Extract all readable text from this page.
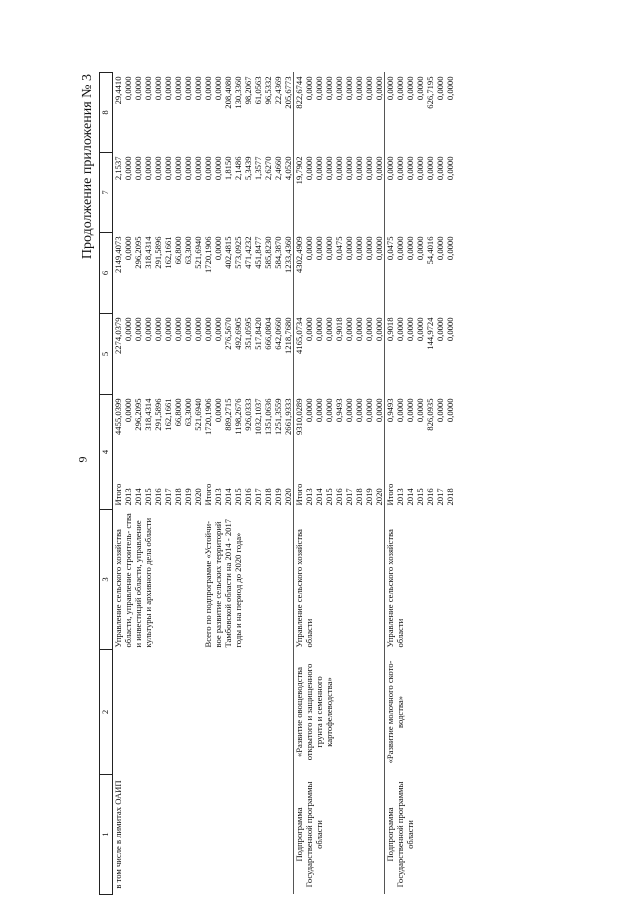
9
Продолжение приложения № 3
1	2	3	4		5	6	7	8
в том числе в лимитах ОАИП		Управление сельского хозяйства области, управление строитель- ства и инвестиций области, управление культуры и архивного дела области	Итого	4455,0399	2274,0379	2149,4073	2,1537	29,4410
			2013	0,0000	0,0000	0,0000	0,0000	0,0000
			2014	296,2095	0,0000	296,2095	0,0000	0,0000
			2015	318,4314	0,0000	318,4314	0,0000	0,0000
			2016	291,5896	0,0000	291,5896	0,0000	0,0000
			2017	162,1661	0,0000	162,1661	0,0000	0,0000
			2018	66,8000	0,0000	66,8000	0,0000	0,0000
			2019	63,3000	0,0000	63,3000	0,0000	0,0000
			2020	521,6940	0,0000	521,6940	0,0000	0,0000
		Всего по подпрограмме «Устойчи- вое развитие сельских территорий Тамбовской области на 2014 - 2017 годы и на период до 2020 года»	Итого	1720,1906	0,0000	1720,1906	0,0000	0,0000
			2013	0,0000	0,0000	0,0000	0,0000	0,0000
			2014	889,2715	276,5670	402,4815	1,8150	208,4080
			2015	1198,2676	492,6905	573,0925	2,1486	130,3360
			2016	926,0333	351,0595	471,4232	5,3439	98,2067
			2017	1032,1037	517,8420	451,8477	1,3577	61,0563
			2018	1351,0636	666,0804	585,8230	2,6270	96,5332
			2019	1251,3559	642,0660	584,3870	2,4660	22,4369
			2020	2661,9333	1218,7680	1233,4360	4,0520	205,6773
Подпрограмма Государственной программы области	«Развитие овощеводства открытого и защищенного грунта и семенного картофелеводства»	Управление сельского хозяйства области	Итого	9310,0289	4165,0734	4302,4909	19,7902	822,6744
			2013	0,0000	0,0000	0,0000	0,0000	0,0000
			2014	0,0000	0,0000	0,0000	0,0000	0,0000
			2015	0,0000	0,0000	0,0000	0,0000	0,0000
			2016	0,9493	0,9018	0,0475	0,0000	0,0000
			2017	0,0000	0,0000	0,0000	0,0000	0,0000
			2018	0,0000	0,0000	0,0000	0,0000	0,0000
			2019	0,0000	0,0000	0,0000	0,0000	0,0000
			2020	0,0000	0,0000	0,0000	0,0000	0,0000
Подпрограмма Государственной программы области	«Развитие молочного ското- водства»	Управление сельского хозяйства области	Итого	0,9493	0,9018	0,0475	0,0000	0,0000
			2013	0,0000	0,0000	0,0000	0,0000	0,0000
			2014	0,0000	0,0000	0,0000	0,0000	0,0000
			2015	0,0000	0,0000	0,0000	0,0000	0,0000
			2016	826,0935	144,9724	54,4016	0,0000	626,7195
			2017	0,0000	0,0000	0,0000	0,0000	0,0000
			2018	0,0000	0,0000	0,0000	0,0000	0,0000
